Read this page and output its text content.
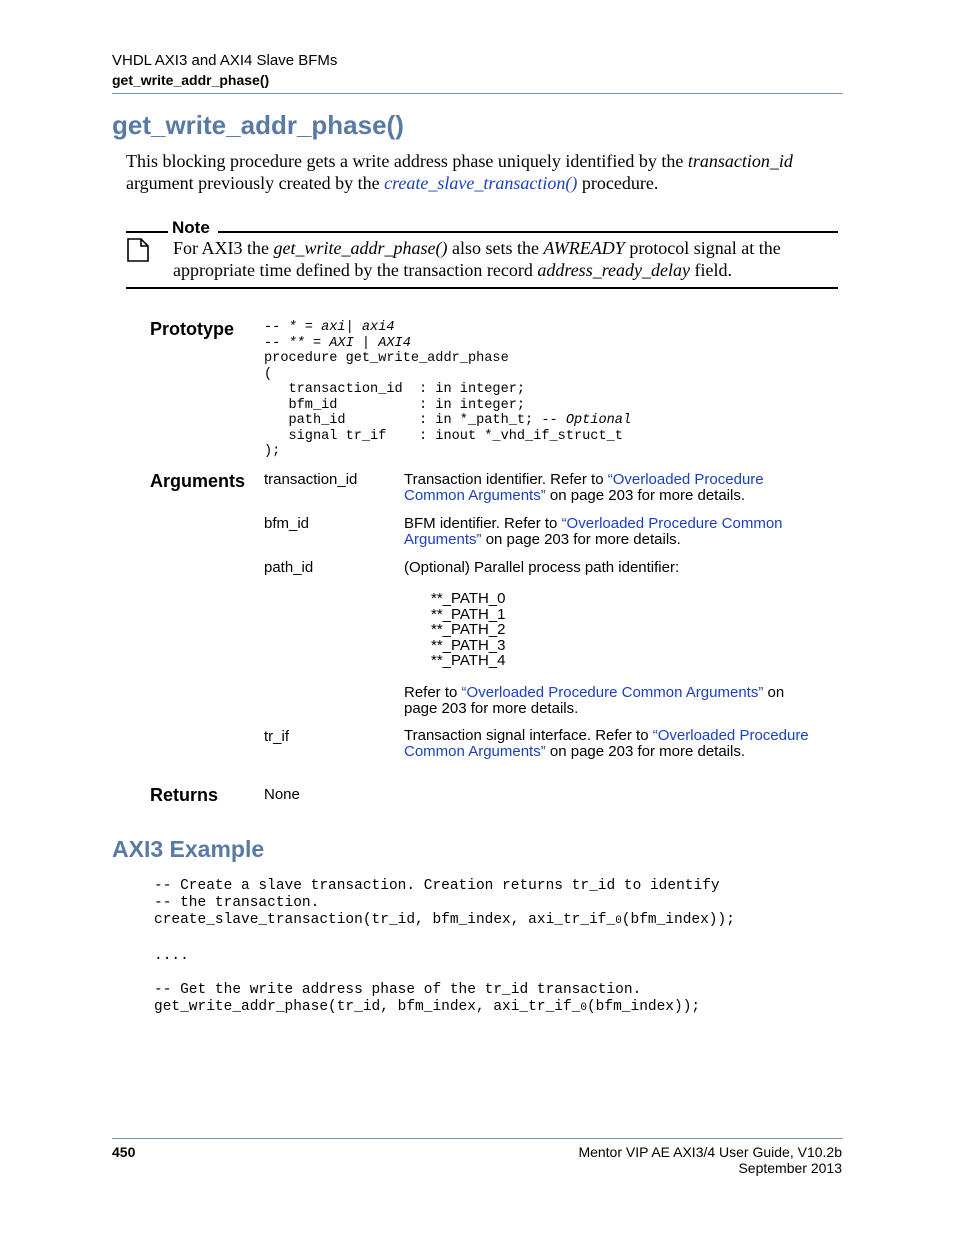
VHDL AXI3 and AXI4 Slave BFMs
get_write_addr_phase()
get_write_addr_phase()
This blocking procedure gets a write address phase uniquely identified by the transaction_id argument previously created by the create_slave_transaction() procedure.
Note
For AXI3 the get_write_addr_phase() also sets the AWREADY protocol signal at the appropriate time defined by the transaction record address_ready_delay field.
Prototype -- * = axi| axi4
-- ** = AXI | AXI4
procedure get_write_addr_phase
(
transaction_id  : in integer;
bfm_id          : in integer;
path_id         : in *_path_t; -- Optional
signal tr_if    : inout *_vhd_if_struct_t
);
Arguments transaction_id	Transaction identifier. Refer to “Overloaded Procedure Common Arguments” on page 203 for more details.
bfm_id	BFM identifier. Refer to “Overloaded Procedure Common Arguments” on page 203 for more details.
path_id	(Optional) Parallel process path identifier:
**_PATH_0
**_PATH_1
**_PATH_2
**_PATH_3
**_PATH_4
Refer to “Overloaded Procedure Common Arguments” on page 203 for more details.
tr_if	Transaction signal interface. Refer to “Overloaded Procedure Common Arguments” on page 203 for more details.
Returns	None
AXI3 Example
-- Create a slave transaction. Creation returns tr_id to identify
-- the transaction.
create_slave_transaction(tr_id, bfm_index, axi_tr_if_0(bfm_index));

....

-- Get the write address phase of the tr_id transaction.
get_write_addr_phase(tr_id, bfm_index, axi_tr_if_0(bfm_index));
450	Mentor VIP AE AXI3/4 User Guide, V10.2b
September 2013
